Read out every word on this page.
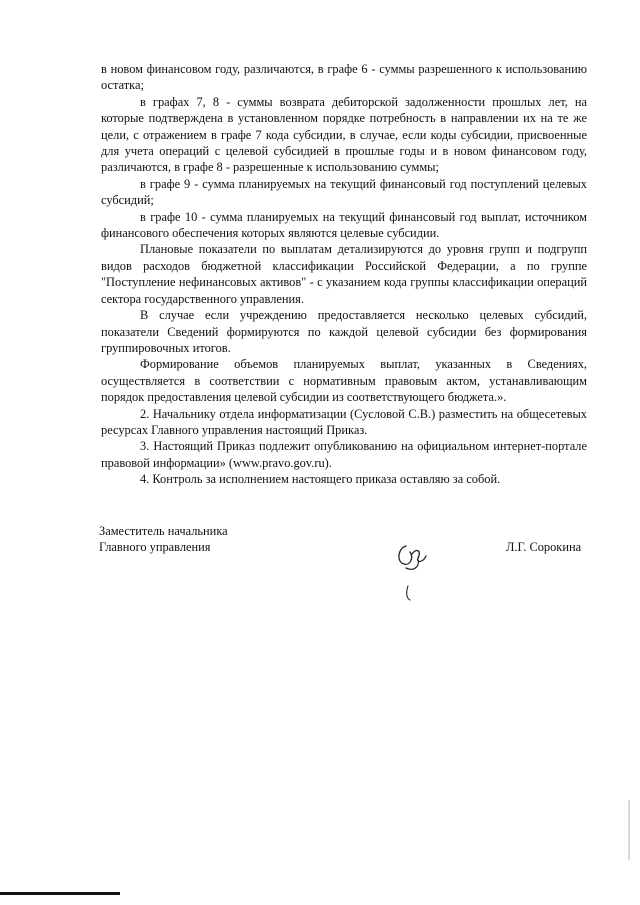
в новом финансовом году, различаются, в графе 6 - суммы разрешенного к использованию остатка;

в графах 7, 8 - суммы возврата дебиторской задолженности прошлых лет, на которые подтверждена в установленном порядке потребность в направлении их на те же цели, с отражением в графе 7 кода субсидии, в случае, если коды субсидии, присвоенные для учета операций с целевой субсидией в прошлые годы и в новом финансовом году, различаются, в графе 8 - разрешенные к использованию суммы;

в графе 9 - сумма планируемых на текущий финансовый год поступлений целевых субсидий;

в графе 10 - сумма планируемых на текущий финансовый год выплат, источником финансового обеспечения которых являются целевые субсидии.

Плановые показатели по выплатам детализируются до уровня групп и подгрупп видов расходов бюджетной классификации Российской Федерации, а по группе "Поступление нефинансовых активов" - с указанием кода группы классификации операций сектора государственного управления.

В случае если учреждению предоставляется несколько целевых субсидий, показатели Сведений формируются по каждой целевой субсидии без формирования группировочных итогов.

Формирование объемов планируемых выплат, указанных в Сведениях, осуществляется в соответствии с нормативным правовым актом, устанавливающим порядок предоставления целевой субсидии из соответствующего бюджета.».

2. Начальнику отдела информатизации (Сусловой С.В.) разместить на общесетевых ресурсах Главного управления настоящий Приказ.

3. Настоящий Приказ подлежит опубликованию на официальном интернет-портале правовой информации» (www.pravo.gov.ru).

4. Контроль за исполнением настоящего приказа оставляю за собой.

Заместитель начальника
Главного управления	Л.Г. Сорокина
